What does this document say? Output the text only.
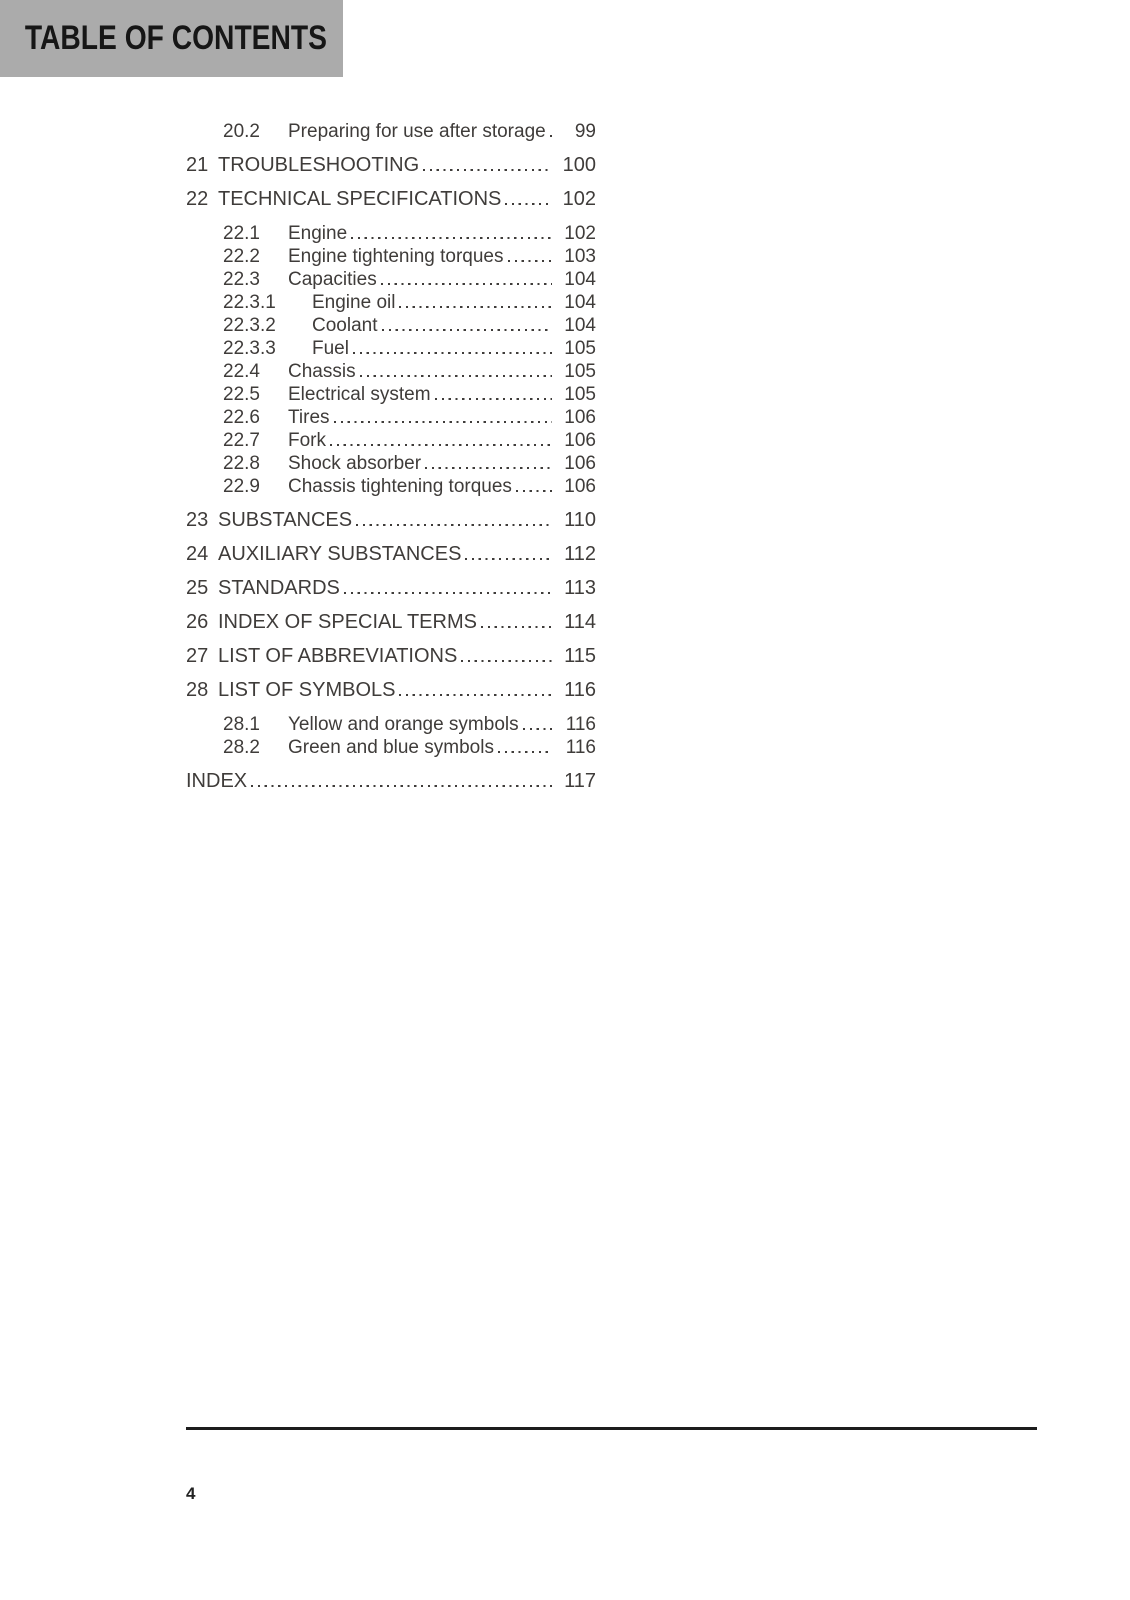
TABLE OF CONTENTS
20.2	Preparing for use after storage	99
21 TROUBLESHOOTING	100
22 TECHNICAL SPECIFICATIONS	102
22.1	Engine	102
22.2	Engine tightening torques	103
22.3	Capacities	104
22.3.1	Engine oil	104
22.3.2	Coolant	104
22.3.3	Fuel	105
22.4	Chassis	105
22.5	Electrical system	105
22.6	Tires	106
22.7	Fork	106
22.8	Shock absorber	106
22.9	Chassis tightening torques	106
23 SUBSTANCES	110
24 AUXILIARY SUBSTANCES	112
25 STANDARDS	113
26 INDEX OF SPECIAL TERMS	114
27 LIST OF ABBREVIATIONS	115
28 LIST OF SYMBOLS	116
28.1	Yellow and orange symbols	116
28.2	Green and blue symbols	116
INDEX	117
4
